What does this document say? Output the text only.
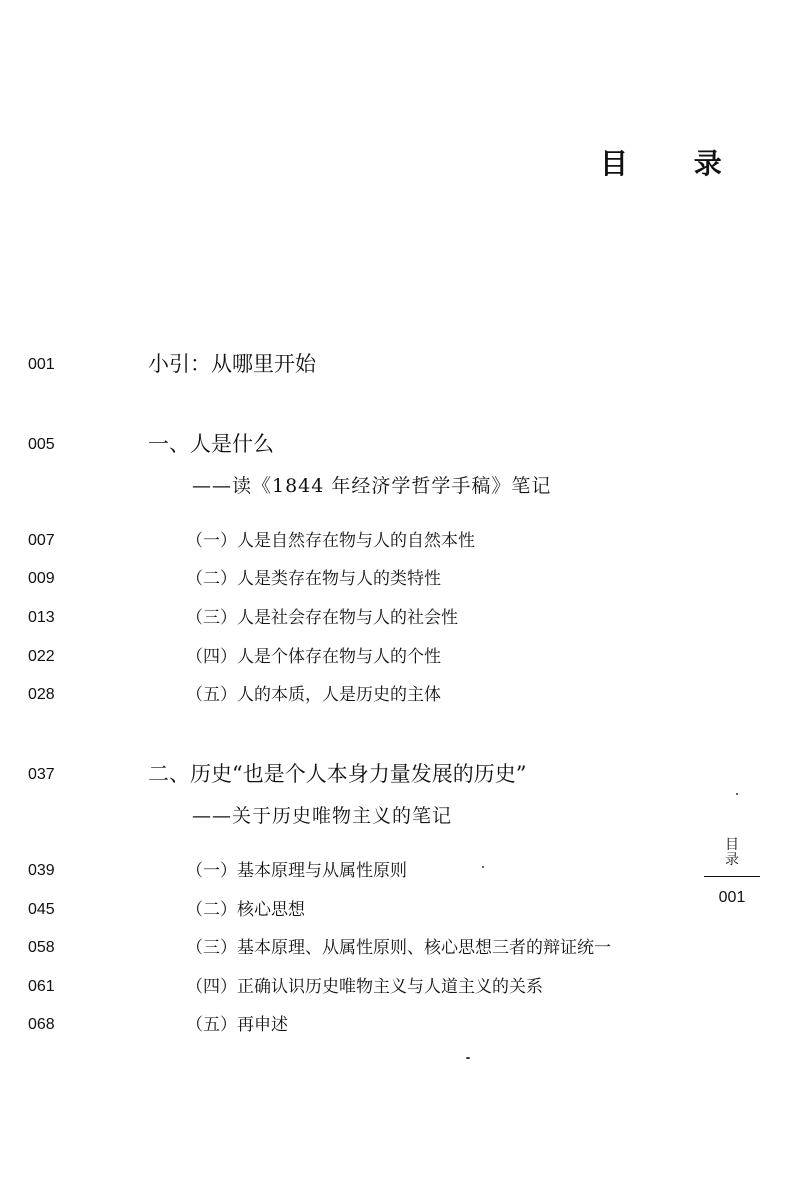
目 录
001	小引：从哪里开始
005	一、人是什么
——读《1844 年经济学哲学手稿》笔记
007	（一）人是自然存在物与人的自然本性
009	（二）人是类存在物与人的类特性
013	（三）人是社会存在物与人的社会性
022	（四）人是个体存在物与人的个性
028	（五）人的本质，人是历史的主体
037	二、历史“也是个人本身力量发展的历史”
——关于历史唯物主义的笔记
039	（一）基本原理与从属性原则
045	（二）核心思想
058	（三）基本原理、从属性原则、核心思想三者的辩证统一
061	（四）正确认识历史唯物主义与人道主义的关系
068	（五）再申述
目录
001
